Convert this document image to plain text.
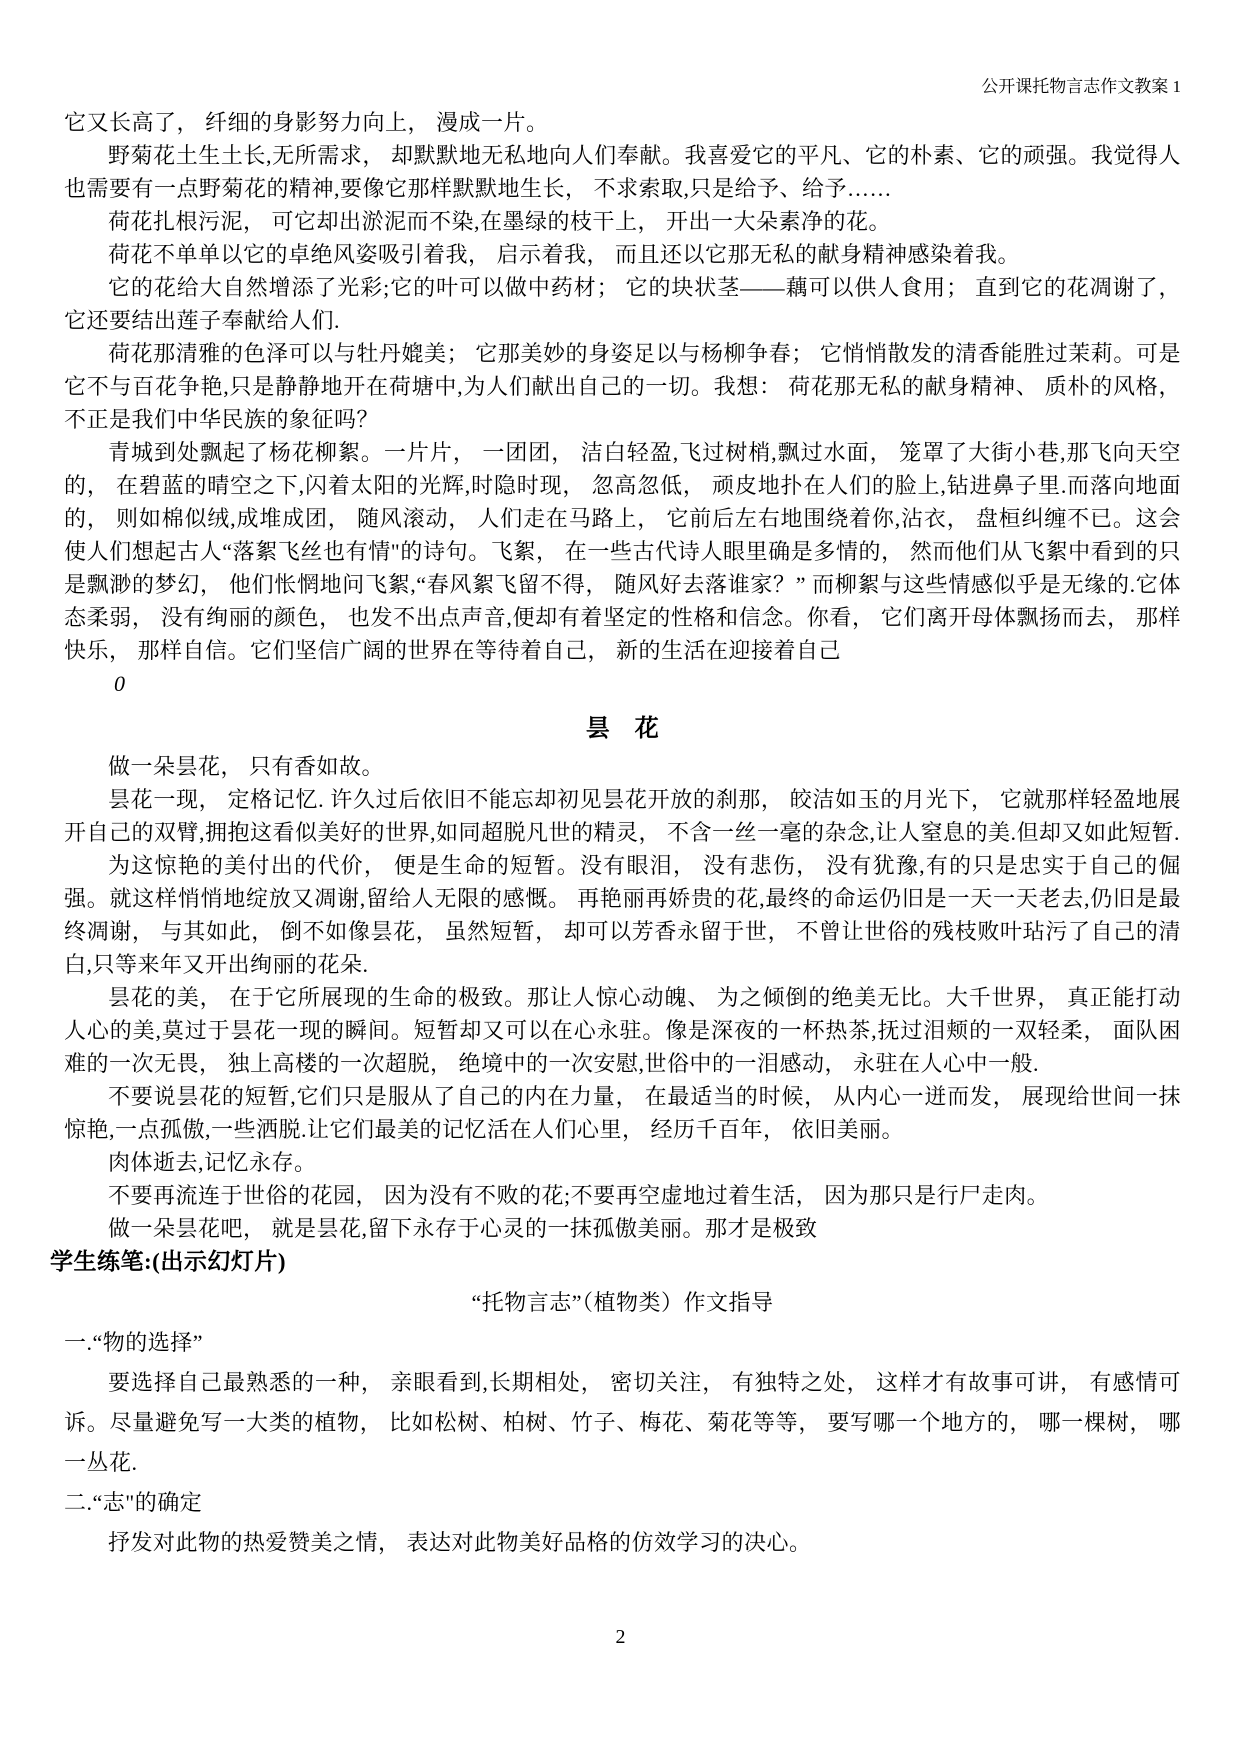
公开课托物言志作文教案 1

它又长高了， 纤细的身影努力向上， 漫成一片。

野菊花土生土长,无所需求， 却默默地无私地向人们奉献。我喜爱它的平凡、它的朴素、它的顽强。我觉得人也需要有一点野菊花的精神,要像它那样默默地生长， 不求索取,只是给予、给予……

荷花扎根污泥， 可它却出淤泥而不染,在墨绿的枝干上， 开出一大朵素净的花。

荷花不单单以它的卓绝风姿吸引着我， 启示着我， 而且还以它那无私的献身精神感染着我。

它的花给大自然增添了光彩;它的叶可以做中药材； 它的块状茎——藕可以供人食用； 直到它的花凋谢了， 它还要结出莲子奉献给人们.

荷花那清雅的色泽可以与牡丹媲美； 它那美妙的身姿足以与杨柳争春； 它悄悄散发的清香能胜过茉莉。可是它不与百花争艳,只是静静地开在荷塘中,为人们献出自己的一切。我想： 荷花那无私的献身精神、 质朴的风格， 不正是我们中华民族的象征吗？

青城到处飘起了杨花柳絮。一片片， 一团团， 洁白轻盈,飞过树梢,飘过水面， 笼罩了大街小巷,那飞向天空的， 在碧蓝的晴空之下,闪着太阳的光辉,时隐时现， 忽高忽低， 顽皮地扑在人们的脸上,钻进鼻子里.而落向地面的， 则如棉似绒,成堆成团， 随风滚动， 人们走在马路上， 它前后左右地围绕着你,沾衣， 盘桓纠缠不已。这会使人们想起古人“落絮飞丝也有情"的诗句。飞絮， 在一些古代诗人眼里确是多情的， 然而他们从飞絮中看到的只是飘渺的梦幻， 他们怅惘地问飞絮,“春风絮飞留不得， 随风好去落谁家？” 而柳絮与这些情感似乎是无缘的.它体态柔弱， 没有绚丽的颜色， 也发不出点声音,便却有着坚定的性格和信念。你看， 它们离开母体飘扬而去， 那样快乐， 那样自信。它们坚信广阔的世界在等待着自己， 新的生活在迎接着自己

0

昙　花

做一朵昙花， 只有香如故。

昙花一现， 定格记忆. 许久过后依旧不能忘却初见昙花开放的刹那， 皎洁如玉的月光下， 它就那样轻盈地展开自己的双臂,拥抱这看似美好的世界,如同超脱凡世的精灵， 不含一丝一毫的杂念,让人窒息的美.但却又如此短暂.

为这惊艳的美付出的代价， 便是生命的短暂。没有眼泪， 没有悲伤， 没有犹豫,有的只是忠实于自己的倔强。就这样悄悄地绽放又凋谢,留给人无限的感慨。 再艳丽再娇贵的花,最终的命运仍旧是一天一天老去,仍旧是最终凋谢， 与其如此， 倒不如像昙花， 虽然短暂， 却可以芳香永留于世， 不曾让世俗的残枝败叶玷污了自己的清白,只等来年又开出绚丽的花朵.

昙花的美， 在于它所展现的生命的极致。那让人惊心动魄、 为之倾倒的绝美无比。大千世界， 真正能打动人心的美,莫过于昙花一现的瞬间。短暂却又可以在心永驻。像是深夜的一杯热茶,抚过泪颊的一双轻柔， 面队困难的一次无畏， 独上高楼的一次超脱， 绝境中的一次安慰,世俗中的一泪感动， 永驻在人心中一般.

不要说昙花的短暂,它们只是服从了自己的内在力量， 在最适当的时候， 从内心一迸而发， 展现给世间一抹惊艳,一点孤傲,一些洒脱.让它们最美的记忆活在人们心里， 经历千百年， 依旧美丽。

肉体逝去,记忆永存。

不要再流连于世俗的花园， 因为没有不败的花;不要再空虚地过着生活， 因为那只是行尸走肉。

做一朵昙花吧， 就是昙花,留下永存于心灵的一抹孤傲美丽。那才是极致

学生练笔:(出示幻灯片)

“托物言志”（植物类）作文指导

一.“物的选择”

要选择自己最熟悉的一种， 亲眼看到,长期相处， 密切关注， 有独特之处， 这样才有故事可讲， 有感情可诉。尽量避免写一大类的植物， 比如松树、柏树、竹子、梅花、菊花等等， 要写哪一个地方的， 哪一棵树， 哪一丛花.

二.“志"的确定

抒发对此物的热爱赞美之情， 表达对此物美好品格的仿效学习的决心。

2
